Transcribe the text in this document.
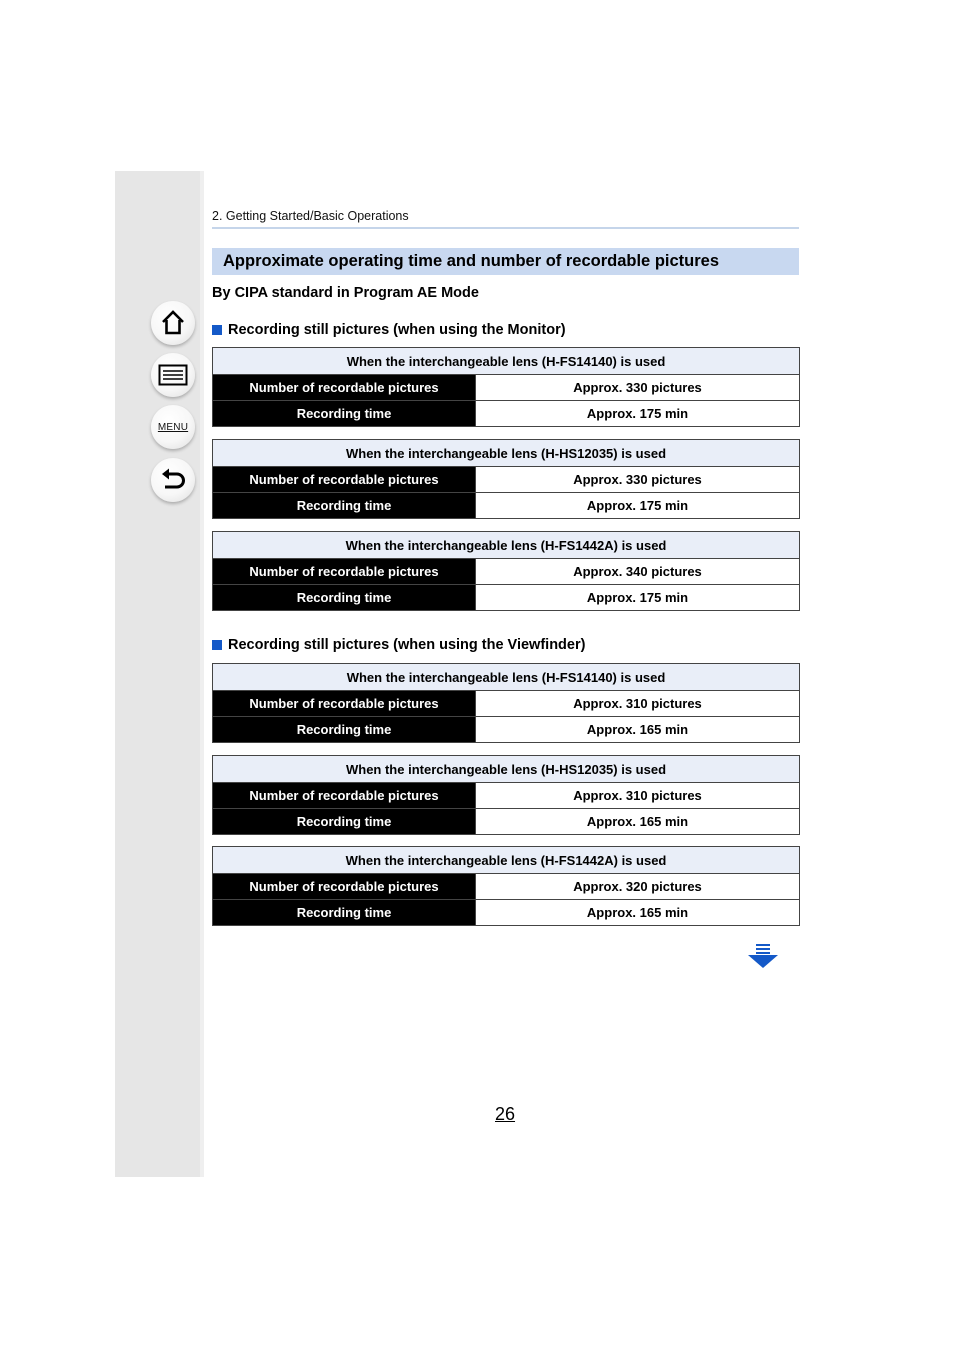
MENU
2. Getting Started/Basic Operations
Approximate operating time and number of recordable pictures
By CIPA standard in Program AE Mode
Recording still pictures (when using the Monitor)
When the interchangeable lens (H-FS14140) is used	
Number of recordable pictures	Approx. 330 pictures
Recording time	Approx. 175 min
When the interchangeable lens (H-HS12035) is used	
Number of recordable pictures	Approx. 330 pictures
Recording time	Approx. 175 min
When the interchangeable lens (H-FS1442A) is used	
Number of recordable pictures	Approx. 340 pictures
Recording time	Approx. 175 min
Recording still pictures (when using the Viewfinder)
When the interchangeable lens (H-FS14140) is used	
Number of recordable pictures	Approx. 310 pictures
Recording time	Approx. 165 min
When the interchangeable lens (H-HS12035) is used	
Number of recordable pictures	Approx. 310 pictures
Recording time	Approx. 165 min
When the interchangeable lens (H-FS1442A) is used	
Number of recordable pictures	Approx. 320 pictures
Recording time	Approx. 165 min
26
